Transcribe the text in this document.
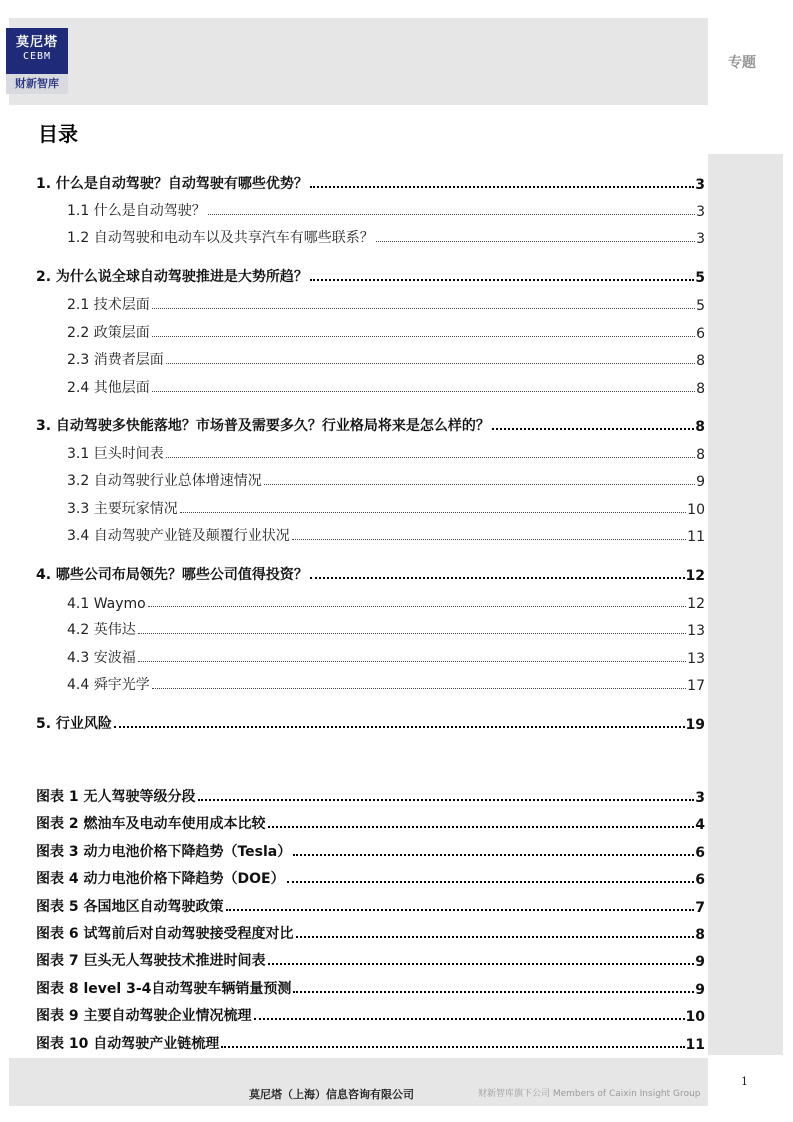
莫尼塔
CEBM
财新智库
专题
目录
1. 什么是自动驾驶？自动驾驶有哪些优势？	3
1.1 什么是自动驾驶？	3
1.2 自动驾驶和电动车以及共享汽车有哪些联系？	3
2. 为什么说全球自动驾驶推进是大势所趋？	5
2.1 技术层面	5
2.2 政策层面	6
2.3 消费者层面	8
2.4 其他层面	8
3. 自动驾驶多快能落地？市场普及需要多久？行业格局将来是怎么样的？	8
3.1 巨头时间表	8
3.2 自动驾驶行业总体增速情况	9
3.3 主要玩家情况	10
3.4 自动驾驶产业链及颠覆行业状况	11
4. 哪些公司布局领先？哪些公司值得投资？	12
4.1 Waymo	12
4.2 英伟达	13
4.3 安波福	13
4.4 舜宇光学	17
5. 行业风险	19
图表 1 无人驾驶等级分段	3
图表 2 燃油车及电动车使用成本比较	4
图表 3 动力电池价格下降趋势（Tesla）	6
图表 4 动力电池价格下降趋势（DOE）	6
图表 5 各国地区自动驾驶政策	7
图表 6 试驾前后对自动驾驶接受程度对比	8
图表 7 巨头无人驾驶技术推进时间表	9
图表 8 level 3-4自动驾驶车辆销量预测	9
图表 9 主要自动驾驶企业情况梳理	10
图表 10 自动驾驶产业链梳理	11
莫尼塔（上海）信息咨询有限公司	财新智库旗下公司 Members of Caixin Insight Group
1
